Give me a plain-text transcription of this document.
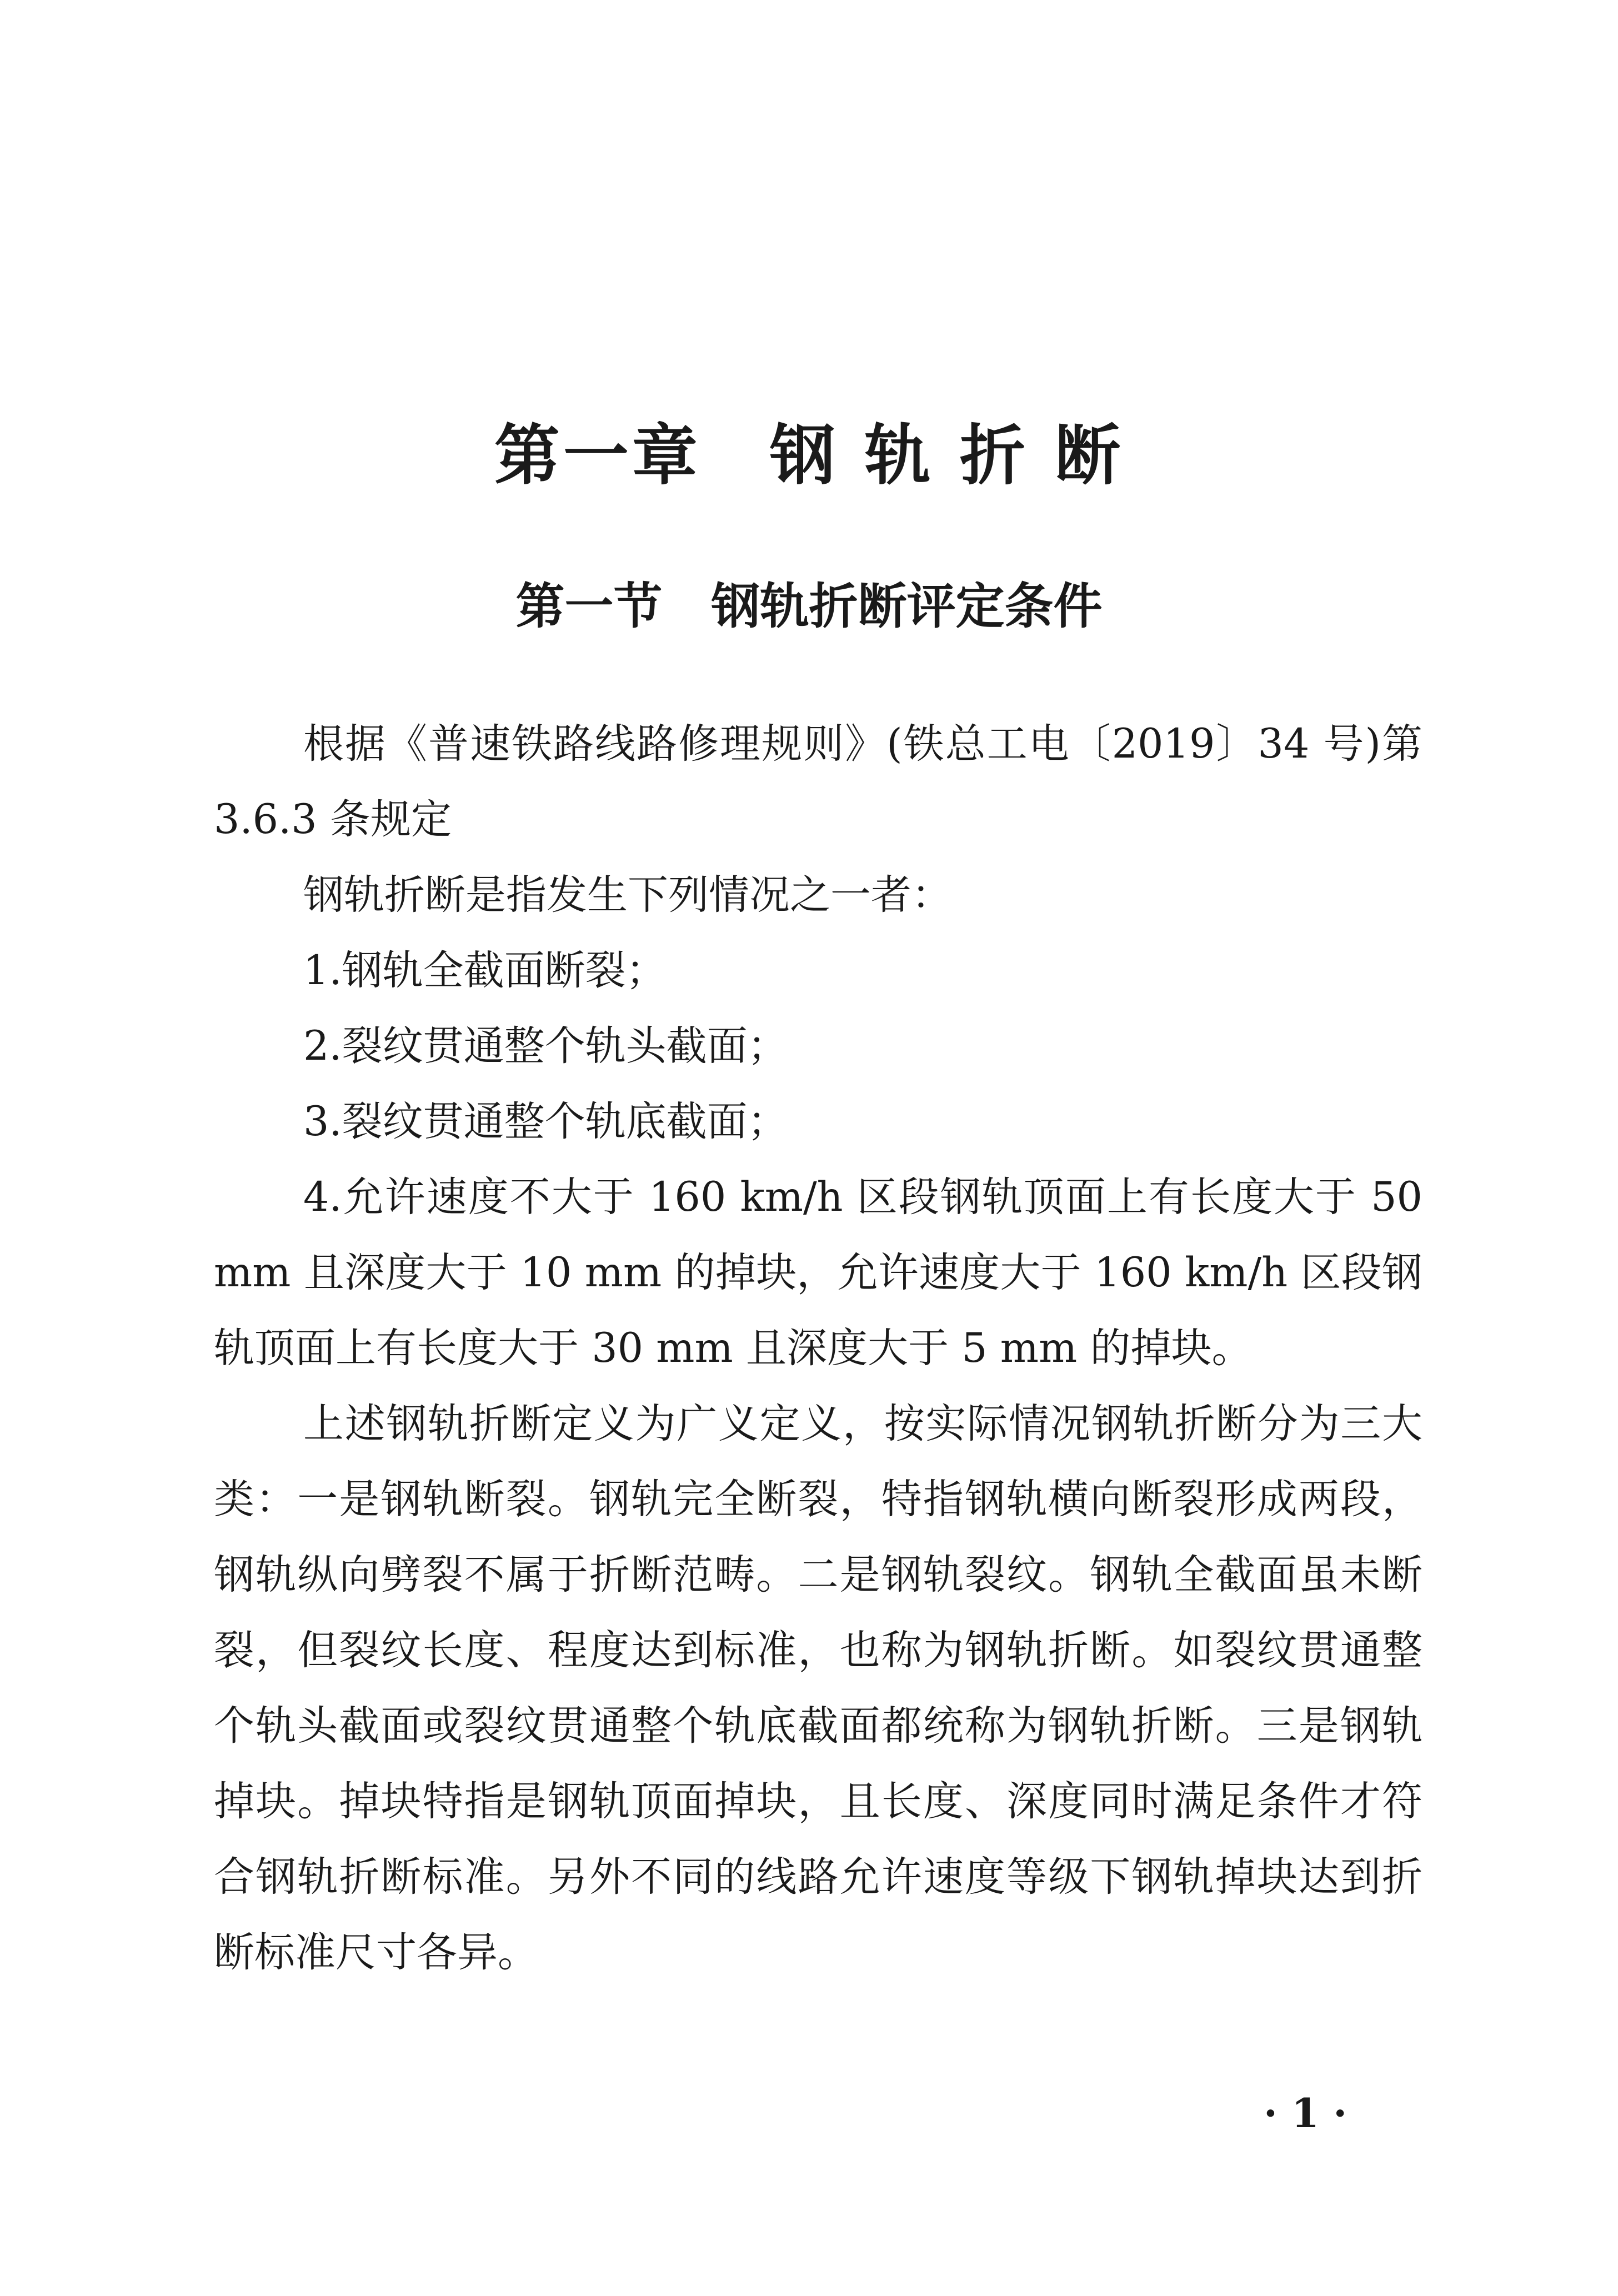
第一章　钢 轨 折 断
第一节　钢轨折断评定条件

根据《普速铁路线路修理规则》(铁总工电〔2019〕34 号)第 3.6.3 条规定

钢轨折断是指发生下列情况之一者：

1.钢轨全截面断裂；

2.裂纹贯通整个轨头截面；

3.裂纹贯通整个轨底截面；

4.允许速度不大于 160 km/h 区段钢轨顶面上有长度大于 50 mm 且深度大于 10 mm 的掉块，允许速度大于 160 km/h 区段钢轨顶面上有长度大于 30 mm 且深度大于 5 mm 的掉块。

上述钢轨折断定义为广义定义，按实际情况钢轨折断分为三大类：一是钢轨断裂。钢轨完全断裂，特指钢轨横向断裂形成两段，钢轨纵向劈裂不属于折断范畴。二是钢轨裂纹。钢轨全截面虽未断裂，但裂纹长度、程度达到标准，也称为钢轨折断。如裂纹贯通整个轨头截面或裂纹贯通整个轨底截面都统称为钢轨折断。三是钢轨掉块。掉块特指是钢轨顶面掉块，且长度、深度同时满足条件才符合钢轨折断标准。另外不同的线路允许速度等级下钢轨掉块达到折断标准尺寸各异。

· 1 ·
